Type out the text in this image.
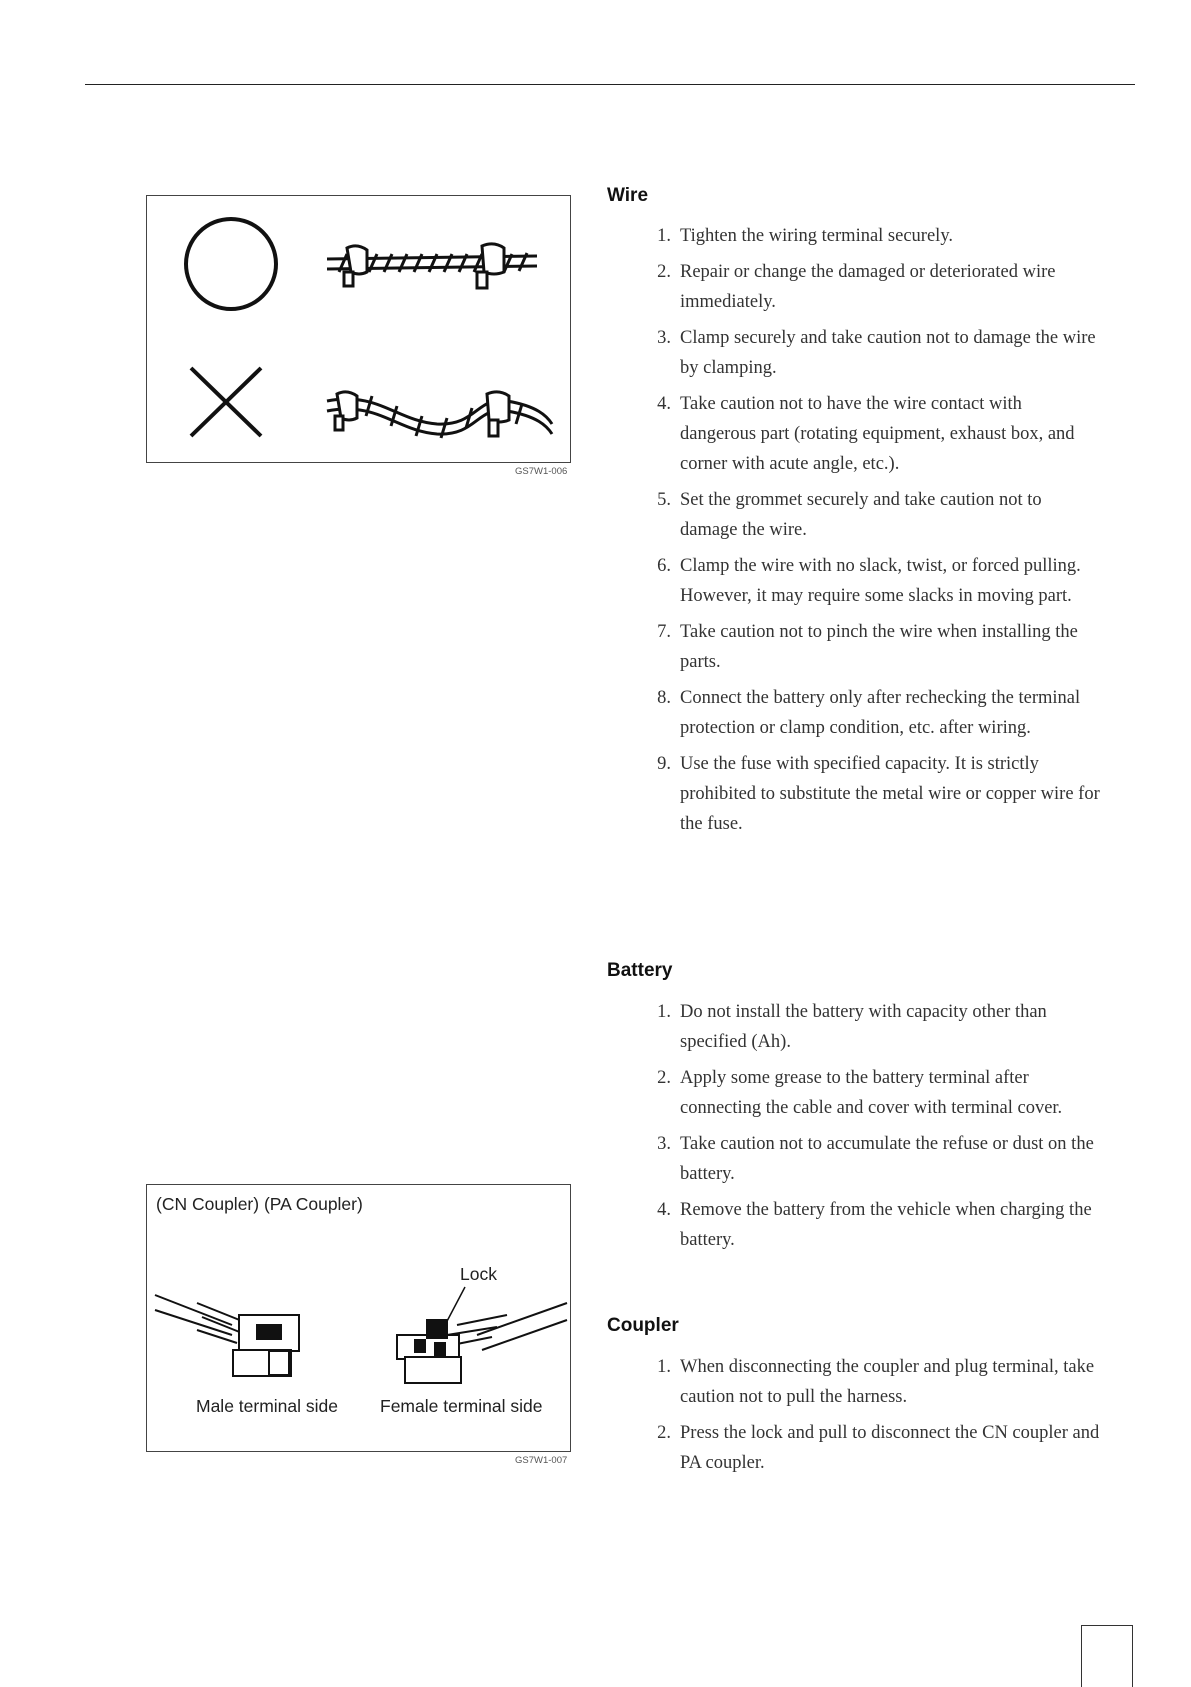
GS7W1-006
(CN Coupler) (PA Coupler)
Lock
Male terminal side Female terminal side
GS7W1-007
Wire
1. Tighten the wiring terminal securely.
2. Repair or change the damaged or deteriorated wire immediately.
3. Clamp securely and take caution not to damage the wire by clamping.
4. Take caution not to have the wire contact with dangerous part (rotating equipment, exhaust box, and corner with acute angle, etc.).
5. Set the grommet securely and take caution not to damage the wire.
6. Clamp the wire with no slack, twist, or forced pulling. However, it may require some slacks in moving part.
7. Take caution not to pinch the wire when installing the parts.
8. Connect the battery only after rechecking the terminal protection or clamp condition, etc. after wiring.
9. Use the fuse with specified capacity. It is strictly prohibited to substitute the metal wire or copper wire for the fuse.
Battery
1. Do not install the battery with capacity other than specified (Ah).
2. Apply some grease to the battery terminal after connecting the cable and cover with terminal cover.
3. Take caution not to accumulate the refuse or dust on the battery.
4. Remove the battery from the vehicle when charging the battery.
Coupler
1. When disconnecting the coupler and plug terminal, take caution not to pull the harness.
2. Press the lock and pull to disconnect the CN coupler and PA coupler.
